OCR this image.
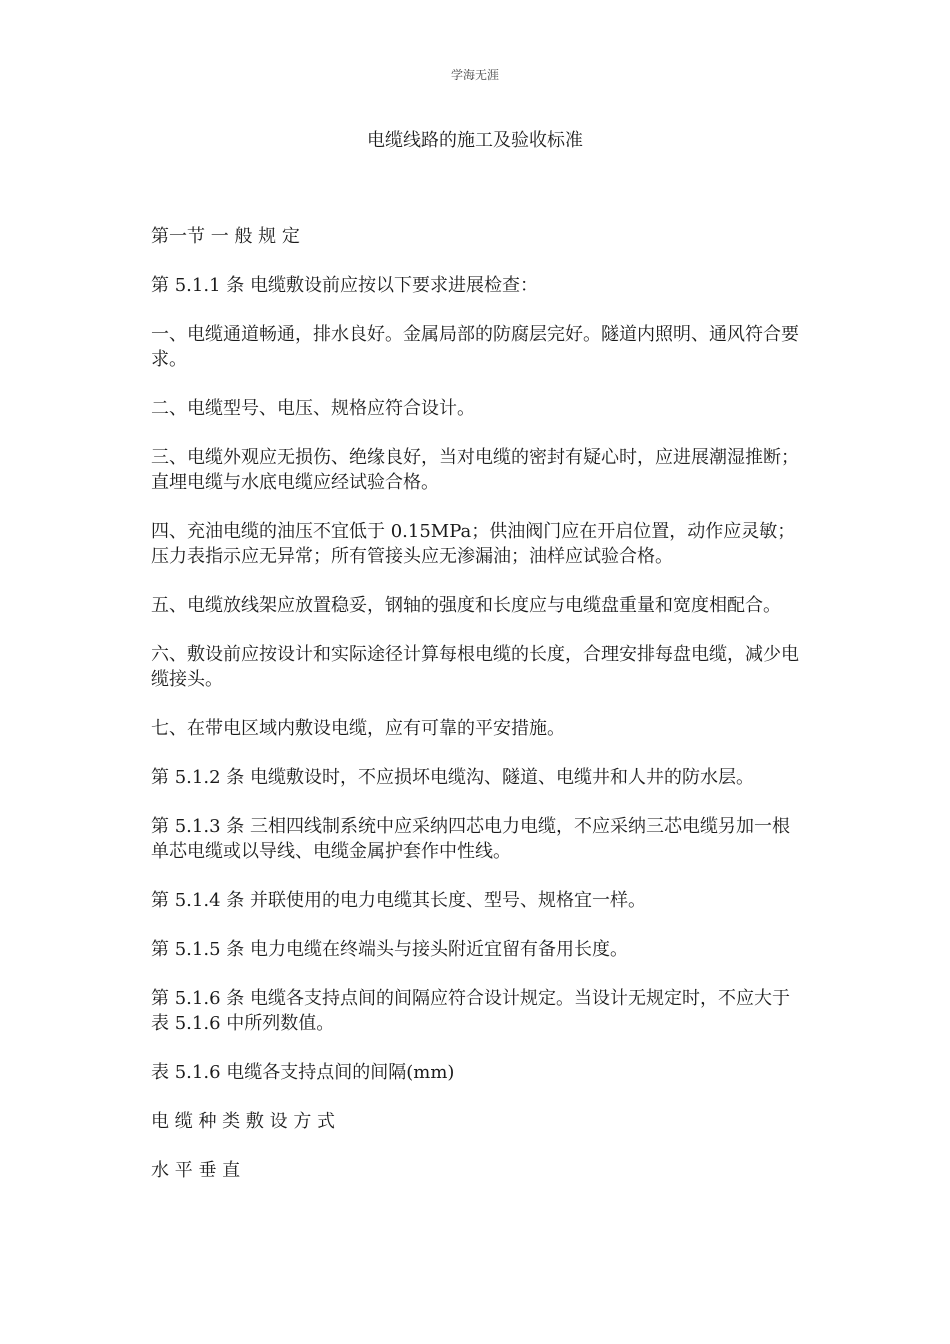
学海无涯
电缆线路的施工及验收标准

第一节 一 般 规 定

第 5.1.1 条 电缆敷设前应按以下要求进展检查：

一、电缆通道畅通，排水良好。金属局部的防腐层完好。隧道内照明、通风符合要求。

二、电缆型号、电压、规格应符合设计。

三、电缆外观应无损伤、绝缘良好，当对电缆的密封有疑心时，应进展潮湿推断；直埋电缆与水底电缆应经试验合格。

四、充油电缆的油压不宜低于 0.15MPa；供油阀门应在开启位置，动作应灵敏；压力表指示应无异常；所有管接头应无渗漏油；油样应试验合格。

五、电缆放线架应放置稳妥，钢轴的强度和长度应与电缆盘重量和宽度相配合。

六、敷设前应按设计和实际途径计算每根电缆的长度，合理安排每盘电缆，减少电缆接头。

七、在带电区域内敷设电缆，应有可靠的平安措施。

第 5.1.2 条 电缆敷设时，不应损坏电缆沟、隧道、电缆井和人井的防水层。

第 5.1.3 条 三相四线制系统中应采纳四芯电力电缆，不应采纳三芯电缆另加一根单芯电缆或以导线、电缆金属护套作中性线。

第 5.1.4 条 并联使用的电力电缆其长度、型号、规格宜一样。

第 5.1.5 条 电力电缆在终端头与接头附近宜留有备用长度。

第 5.1.6 条 电缆各支持点间的间隔应符合设计规定。当设计无规定时，不应大于表 5.1.6 中所列数值。

表 5.1.6 电缆各支持点间的间隔(mm)

电 缆 种 类 敷 设 方 式

水 平 垂 直
